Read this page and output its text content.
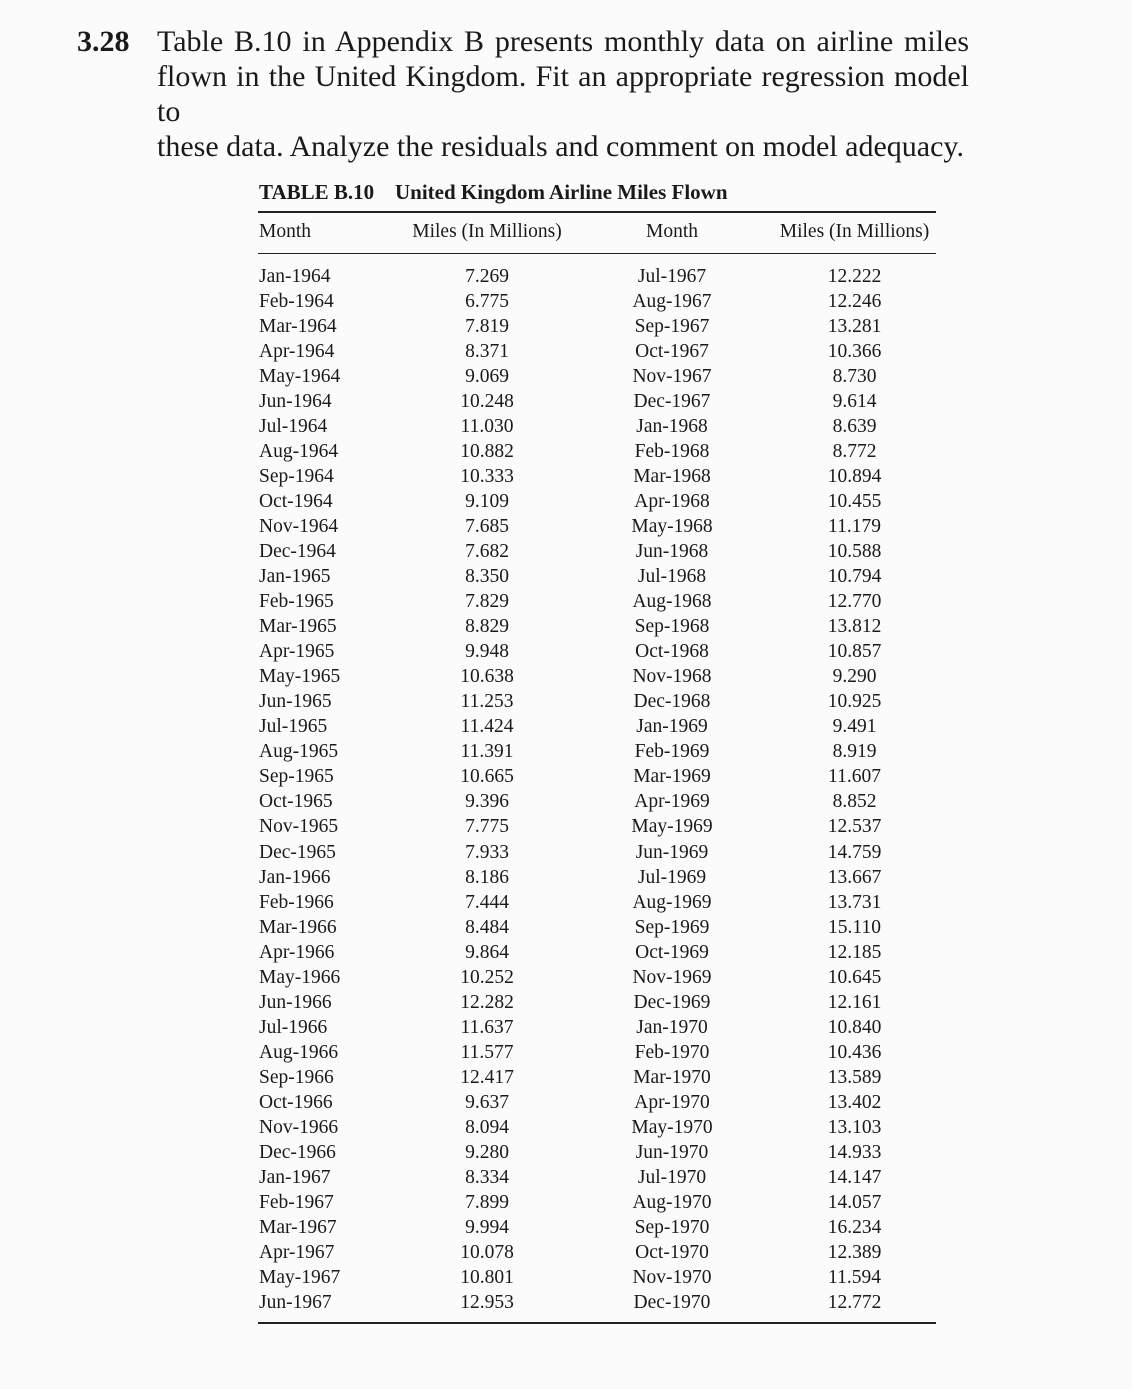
3.28 Table B.10 in Appendix B presents monthly data on airline miles
flown in the United Kingdom. Fit an appropriate regression model to
these data. Analyze the residuals and comment on model adequacy.
TABLE B.10 United Kingdom Airline Miles Flown
Month	Miles (In Millions)	Month	Miles (In Millions)
Jan-1964	7.269	Jul-1967	12.222
Feb-1964	6.775	Aug-1967	12.246
Mar-1964	7.819	Sep-1967	13.281
Apr-1964	8.371	Oct-1967	10.366
May-1964	9.069	Nov-1967	8.730
Jun-1964	10.248	Dec-1967	9.614
Jul-1964	11.030	Jan-1968	8.639
Aug-1964	10.882	Feb-1968	8.772
Sep-1964	10.333	Mar-1968	10.894
Oct-1964	9.109	Apr-1968	10.455
Nov-1964	7.685	May-1968	11.179
Dec-1964	7.682	Jun-1968	10.588
Jan-1965	8.350	Jul-1968	10.794
Feb-1965	7.829	Aug-1968	12.770
Mar-1965	8.829	Sep-1968	13.812
Apr-1965	9.948	Oct-1968	10.857
May-1965	10.638	Nov-1968	9.290
Jun-1965	11.253	Dec-1968	10.925
Jul-1965	11.424	Jan-1969	9.491
Aug-1965	11.391	Feb-1969	8.919
Sep-1965	10.665	Mar-1969	11.607
Oct-1965	9.396	Apr-1969	8.852
Nov-1965	7.775	May-1969	12.537
Dec-1965	7.933	Jun-1969	14.759
Jan-1966	8.186	Jul-1969	13.667
Feb-1966	7.444	Aug-1969	13.731
Mar-1966	8.484	Sep-1969	15.110
Apr-1966	9.864	Oct-1969	12.185
May-1966	10.252	Nov-1969	10.645
Jun-1966	12.282	Dec-1969	12.161
Jul-1966	11.637	Jan-1970	10.840
Aug-1966	11.577	Feb-1970	10.436
Sep-1966	12.417	Mar-1970	13.589
Oct-1966	9.637	Apr-1970	13.402
Nov-1966	8.094	May-1970	13.103
Dec-1966	9.280	Jun-1970	14.933
Jan-1967	8.334	Jul-1970	14.147
Feb-1967	7.899	Aug-1970	14.057
Mar-1967	9.994	Sep-1970	16.234
Apr-1967	10.078	Oct-1970	12.389
May-1967	10.801	Nov-1970	11.594
Jun-1967	12.953	Dec-1970	12.772
